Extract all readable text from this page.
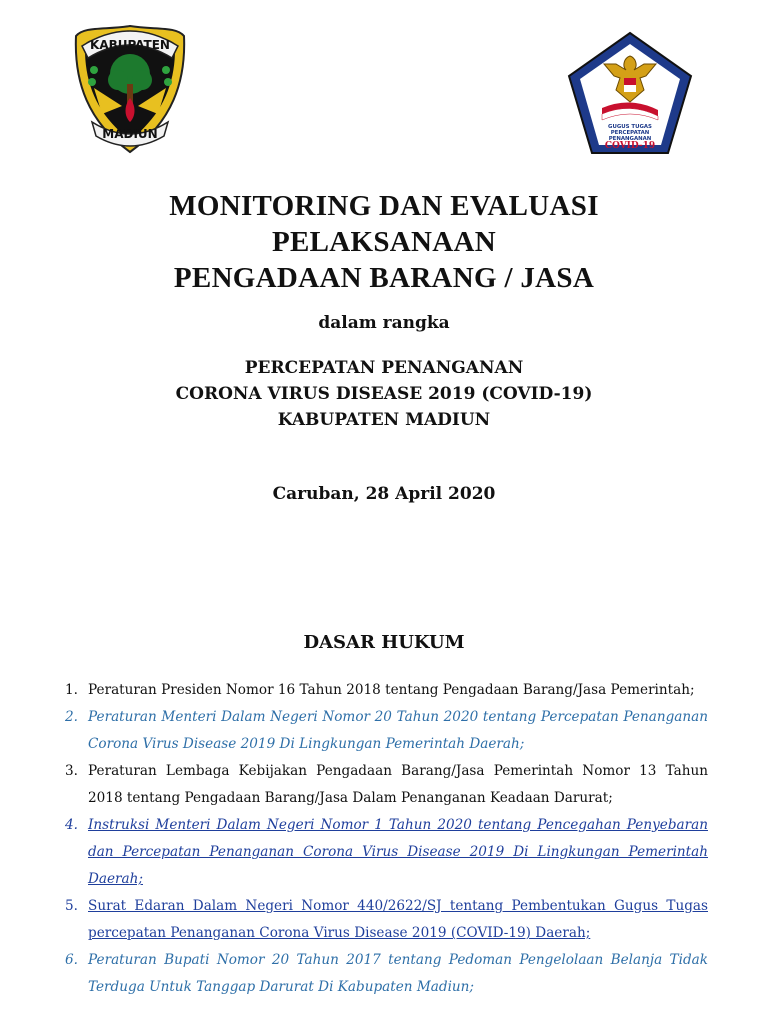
KABUPATEN
MADIUN	GUGUS TUGAS
PERCEPATAN
PENANGANAN
COVID-19
MONITORING DAN EVALUASI
PELAKSANAAN
PENGADAAN BARANG / JASA
dalam rangka
PERCEPATAN PENANGANAN
CORONA VIRUS DISEASE 2019 (COVID-19)
KABUPATEN MADIUN
Caruban, 28 April 2020
DASAR HUKUM
1. Peraturan Presiden Nomor 16 Tahun 2018 tentang Pengadaan Barang/Jasa Pemerintah;
2. Peraturan Menteri Dalam Negeri Nomor 20 Tahun 2020 tentang Percepatan Penanganan Corona Virus Disease 2019 Di Lingkungan Pemerintah Daerah;
3. Peraturan Lembaga Kebijakan Pengadaan Barang/Jasa Pemerintah Nomor 13 Tahun 2018 tentang Pengadaan Barang/Jasa Dalam Penanganan Keadaan Darurat;
4. Instruksi Menteri Dalam Negeri Nomor 1 Tahun 2020 tentang Pencegahan Penyebaran dan Percepatan Penanganan Corona Virus Disease 2019 Di Lingkungan Pemerintah Daerah;
5. Surat Edaran Dalam Negeri Nomor 440/2622/SJ tentang Pembentukan Gugus Tugas percepatan Penanganan Corona Virus Disease 2019 (COVID-19) Daerah;
6. Peraturan Bupati Nomor 20 Tahun 2017 tentang Pedoman Pengelolaan Belanja Tidak Terduga Untuk Tanggap Darurat Di Kabupaten Madiun;
